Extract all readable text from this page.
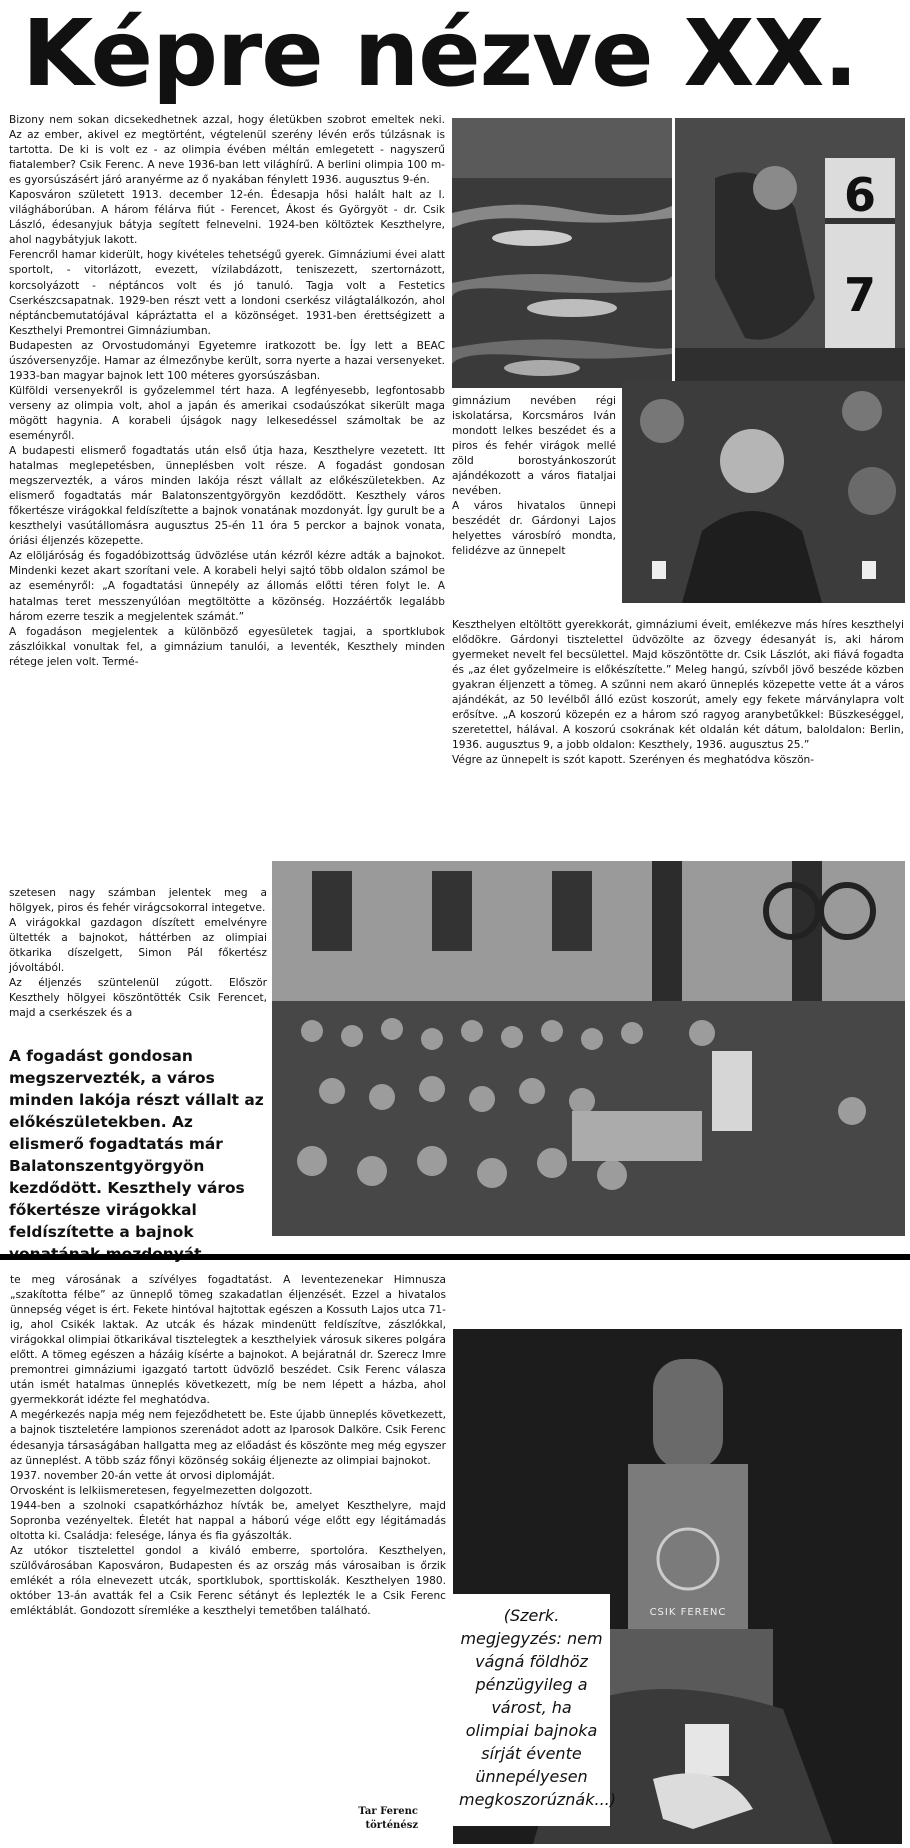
Képre nézve XX.

Bizony nem sokan dicsekedhetnek azzal, hogy életükben szobrot emeltek neki. Az az ember, akivel ez megtörtént, végtelenül szerény lévén erős túlzásnak is tartotta. De ki is volt ez - az olimpia évében méltán emlegetett - nagyszerű fiatalember? Csik Ferenc. A neve 1936-ban lett világhírű. A berlini olimpia 100 m-es gyorsúszásért járó aranyérme az ő nyakában fénylett 1936. augusztus 9-én.

Kaposváron született 1913. december 12-én. Édesapja hősi halált halt az I. világháborúban. A három félárva fiút - Ferencet, Ákost és Györgyöt - dr. Csik László, édesanyjuk bátyja segített felnevelni. 1924-ben költöztek Keszthelyre, ahol nagybátyjuk lakott.

Ferencről hamar kiderült, hogy kivételes tehetségű gyerek. Gimnáziumi évei alatt sportolt, - vitorlázott, evezett, vízilabdázott, teniszezett, szertornázott, korcsolyázott - néptáncos volt és jó tanuló. Tagja volt a Festetics Cserkészcsapatnak. 1929-ben részt vett a londoni cserkész világtalálkozón, ahol néptáncbemutatójával kápráztatta el a közönséget. 1931-ben érettségizett a Keszthelyi Premontrei Gimnáziumban.

Budapesten az Orvostudományi Egyetemre iratkozott be. Így lett a BEAC úszóversenyzője. Hamar az élmezőnybe került, sorra nyerte a hazai versenyeket. 1933-ban magyar bajnok lett 100 méteres gyorsúszásban.

Külföldi versenyekről is győzelemmel tért haza. A legfényesebb, legfontosabb verseny az olimpia volt, ahol a japán és amerikai csodaúszókat sikerült maga mögött hagynia. A korabeli újságok nagy lelkesedéssel számoltak be az eseményről.

A budapesti elismerő fogadtatás után első útja haza, Keszthelyre vezetett. Itt hatalmas meglepetésben, ünneplésben volt része. A fogadást gondosan megszervezték, a város minden lakója részt vállalt az előkészületekben. Az elismerő fogadtatás már Balatonszentgyörgyön kezdődött. Keszthely város főkertésze virágokkal feldíszítette a bajnok vonatának mozdonyát. Így gurult be a keszthelyi vasútállomásra augusztus 25-én 11 óra 5 perckor a bajnok vonata, óriási éljenzés közepette.

Az elöljáróság és fogadóbizottság üdvözlése után kézről kézre adták a bajnokot. Mindenki kezet akart szorítani vele. A korabeli helyi sajtó több oldalon számol be az eseményről: „A fogadtatási ünnepély az állomás előtti téren folyt le. A hatalmas teret messzenyúlóan megtöltötte a közönség. Hozzáértők legalább három ezerre teszik a megjelentek számát.”

A fogadáson megjelentek a különböző egyesületek tagjai, a sportklubok zászlóikkal vonultak fel, a gimnázium tanulói, a leventék, Keszthely minden rétege jelen volt. Termé-

szetesen nagy számban jelentek meg a hölgyek, piros és fehér virágcsokorral integetve.

A virágokkal gazdagon díszített emelvényre ültették a bajnokot, háttérben az olimpiai ötkarika díszelgett, Simon Pál főkertész jóvoltából.

Az éljenzés szüntelenül zúgott. Először Keszthely hölgyei köszöntötték Csik Ferencet, majd a cserkészek és a

A fogadást gondosan megszervezték, a város minden lakója részt vállalt az előkészületekben. Az elismerő fogadtatás már Balatonszentgyörgyön kezdődött. Keszthely város főkertésze virágokkal feldíszítette a bajnok
6
7

gimnázium nevében régi iskolatársa, Korcsmáros Iván mondott lelkes beszédet és a piros és fehér virágok mellé zöld borostyánkoszorút ajándékozott a város fiataljai nevében.

A város hivatalos ünnepi beszédét dr. Gárdonyi Lajos helyettes városbíró mondta, felidézve az ünnepelt

Keszthelyen eltöltött gyerekkorát, gimnáziumi éveit, emlékezve más híres keszthelyi elődökre. Gárdonyi tisztelettel üdvözölte az özvegy édesanyát is, aki három gyermeket nevelt fel becsülettel. Majd köszöntötte dr. Csik Lászlót, aki fiává fogadta és „az élet győzelmeire is előkészítette.” Meleg hangú, szívből jövő beszéde közben gyakran éljenzett a tömeg. A szűnni nem akaró ünneplés közepette vette át a város ajándékát, az 50 levélből álló ezüst koszorút, amely egy fekete márványlapra volt erősítve. „A koszorú közepén ez a három szó ragyog aranybetűkkel: Büszkeséggel, szeretettel, hálával. A koszorú csokrának két oldalán két dátum, baloldalon: Berlin, 1936. augusztus 9, a jobb oldalon: Keszthely, 1936. augusztus 25.”

Végre az ünnepelt is szót kapott. Szerényen és meghatódva köszön-

te meg városának a szívélyes fogadtatást. A leventezenekar Himnusza „szakította félbe” az ünneplő tömeg szakadatlan éljenzését. Ezzel a hivatalos ünnepség véget is ért. Fekete hintóval hajtottak egészen a Kossuth Lajos utca 71-ig, ahol Csikék laktak. Az utcák és házak mindenütt feldíszítve, zászlókkal, virágokkal olimpiai ötkarikával tisztelegtek a keszthelyiek városuk sikeres polgára előtt. A tömeg egészen a házáig kísérte a bajnokot. A bejáratnál dr. Szerecz Imre premontrei gimnáziumi igazgató tartott üdvözlő beszédet. Csik Ferenc válasza után ismét hatalmas ünneplés következett, míg be nem lépett a házba, ahol gyermekkorát idézte fel meghatódva.

A megérkezés napja még nem fejeződhetett be. Este újabb ünneplés következett, a bajnok tiszteletére lampionos szerenádot adott az Iparosok Dalköre. Csik Ferenc édesanyja társaságában hallgatta meg az előadást és köszönte meg még egyszer az ünneplést. A több száz főnyi közönség sokáig éljenezte az olimpiai bajnokot.

1937. november 20-án vette át orvosi diplomáját.

Orvosként is lelkiismeretesen, fegyelmezetten dolgozott.

1944-ben a szolnoki csapatkórházhoz hívták be, amelyet Keszthelyre, majd Sopronba vezényeltek. Életét hat nappal a háború vége előtt egy légitámadás oltotta ki. Családja: felesége, lánya és fia gyászolták.

Az utókor tisztelettel gondol a kiváló emberre, sportolóra. Keszthelyen, szülővárosában Kaposváron, Budapesten és az ország más városaiban is őrzik emlékét a róla elnevezett utcák, sportklubok, sporttiskolák. Keszthelyen 1980. október 13-án avatták fel a Csik Ferenc sétányt és leplezték le a Csik Ferenc emléktáblát. Gondozott síremléke a keszthelyi temetőben található.

Tar Ferenc
történész
CSIK FERENC
(Szerk. megjegyzés: nem vágná földhöz pénzügyileg a várost, ha olimpiai bajnoka sírját évente ünnepélyesen megkoszorúznák...)
